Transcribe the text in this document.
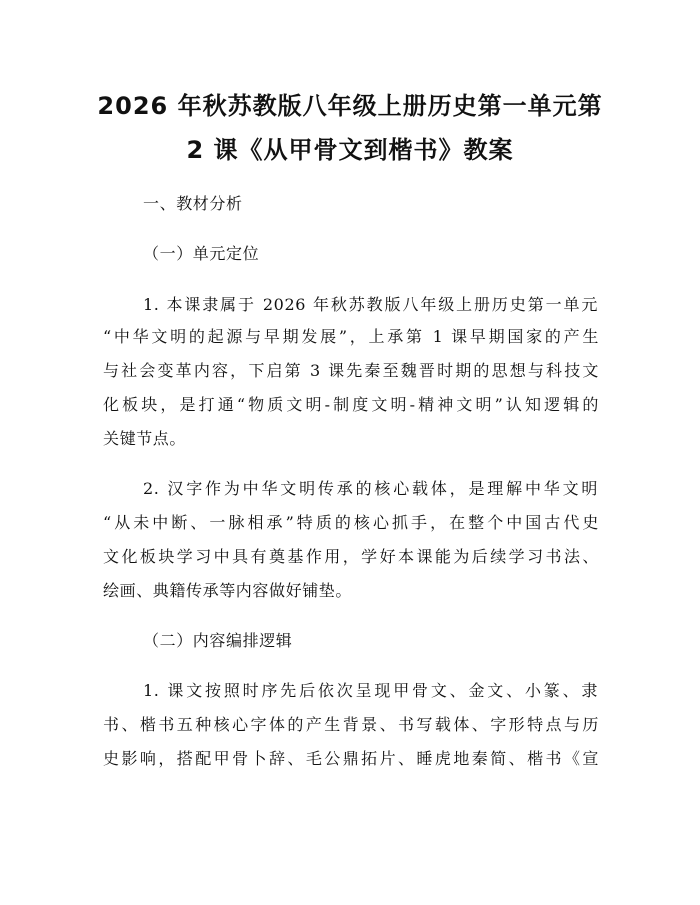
2026 年秋苏教版八年级上册历史第一单元第
2 课《从甲骨文到楷书》教案
一、教材分析
（一）单元定位
1. 本课隶属于 2026 年秋苏教版八年级上册历史第一单元
“中华文明的起源与早期发展”，上承第 1 课早期国家的产生
与社会变革内容，下启第 3 课先秦至魏晋时期的思想与科技文
化板块，是打通“物质文明-制度文明-精神文明”认知逻辑的
关键节点。
2. 汉字作为中华文明传承的核心载体，是理解中华文明
“从未中断、一脉相承”特质的核心抓手，在整个中国古代史
文化板块学习中具有奠基作用，学好本课能为后续学习书法、
绘画、典籍传承等内容做好铺垫。
（二）内容编排逻辑
1. 课文按照时序先后依次呈现甲骨文、金文、小篆、隶
书、楷书五种核心字体的产生背景、书写载体、字形特点与历
史影响，搭配甲骨卜辞、毛公鼎拓片、睡虎地秦简、楷书《宣
